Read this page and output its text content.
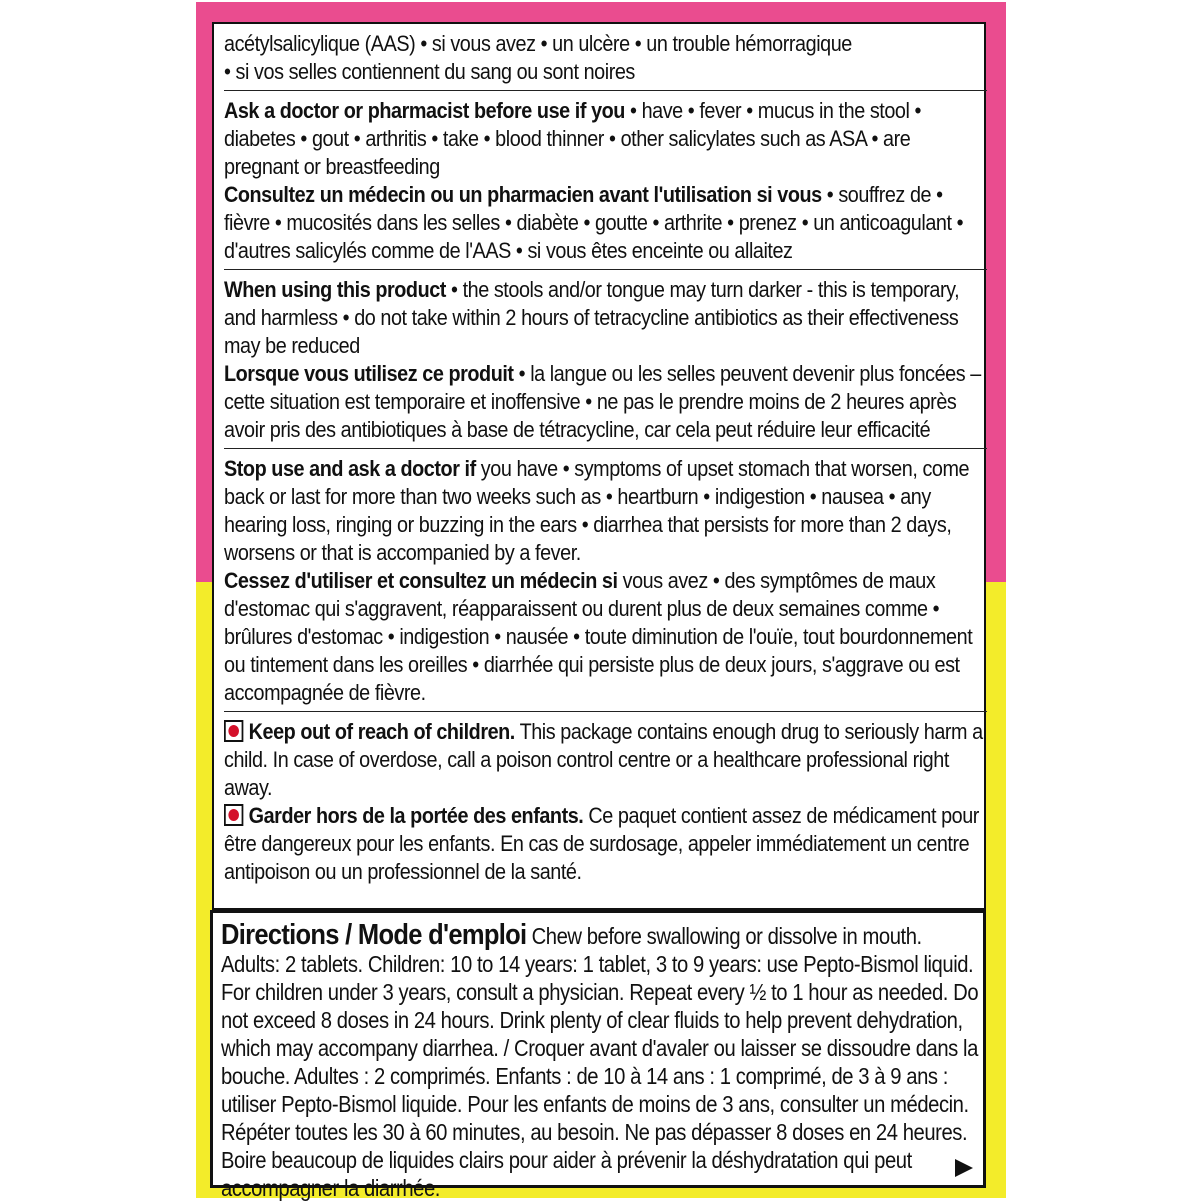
acétylsalicylique (AAS) • si vous avez • un ulcère • un trouble hémorragique
• si vos selles contiennent du sang ou sont noires
Ask a doctor or pharmacist before use if you • have • fever • mucus in the stool • diabetes • gout • arthritis • take • blood thinner • other salicylates such as ASA • are pregnant or breastfeeding
Consultez un médecin ou un pharmacien avant l'utilisation si vous • souffrez de • fièvre • mucosités dans les selles • diabète • goutte • arthrite • prenez • un anticoagulant • d'autres salicylés comme de l'AAS • si vous êtes enceinte ou allaitez
When using this product • the stools and/or tongue may turn darker - this is temporary, and harmless • do not take within 2 hours of tetracycline antibiotics as their effectiveness may be reduced
Lorsque vous utilisez ce produit • la langue ou les selles peuvent devenir plus foncées – cette situation est temporaire et inoffensive • ne pas le prendre moins de 2 heures après avoir pris des antibiotiques à base de tétracycline, car cela peut réduire leur efficacité
Stop use and ask a doctor if you have • symptoms of upset stomach that worsen, come back or last for more than two weeks such as • heartburn • indigestion • nausea • any hearing loss, ringing or buzzing in the ears • diarrhea that persists for more than 2 days, worsens or that is accompanied by a fever.
Cessez d'utiliser et consultez un médecin si vous avez • des symptômes de maux d'estomac qui s'aggravent, réapparaissent ou durent plus de deux semaines comme • brûlures d'estomac • indigestion • nausée • toute diminution de l'ouïe, tout bourdonnement ou tintement dans les oreilles • diarrhée qui persiste plus de deux jours, s'aggrave ou est accompagnée de fièvre.
Keep out of reach of children. This package contains enough drug to seriously harm a child. In case of overdose, call a poison control centre or a healthcare professional right away.
Garder hors de la portée des enfants. Ce paquet contient assez de médicament pour être dangereux pour les enfants. En cas de surdosage, appeler immédiatement un centre antipoison ou un professionnel de la santé.
Directions / Mode d'emploi Chew before swallowing or dissolve in mouth. Adults: 2 tablets. Children: 10 to 14 years: 1 tablet, 3 to 9 years: use Pepto-Bismol liquid. For children under 3 years, consult a physician. Repeat every ½ to 1 hour as needed. Do not exceed 8 doses in 24 hours. Drink plenty of clear fluids to help prevent dehydration, which may accompany diarrhea. / Croquer avant d'avaler ou laisser se dissoudre dans la bouche. Adultes : 2 comprimés. Enfants : de 10 à 14 ans : 1 comprimé, de 3 à 9 ans : utiliser Pepto-Bismol liquide. Pour les enfants de moins de 3 ans, consulter un médecin. Répéter toutes les 30 à 60 minutes, au besoin. Ne pas dépasser 8 doses en 24 heures. Boire beaucoup de liquides clairs pour aider à prévenir la déshydratation qui peut accompagner la diarrhée.
